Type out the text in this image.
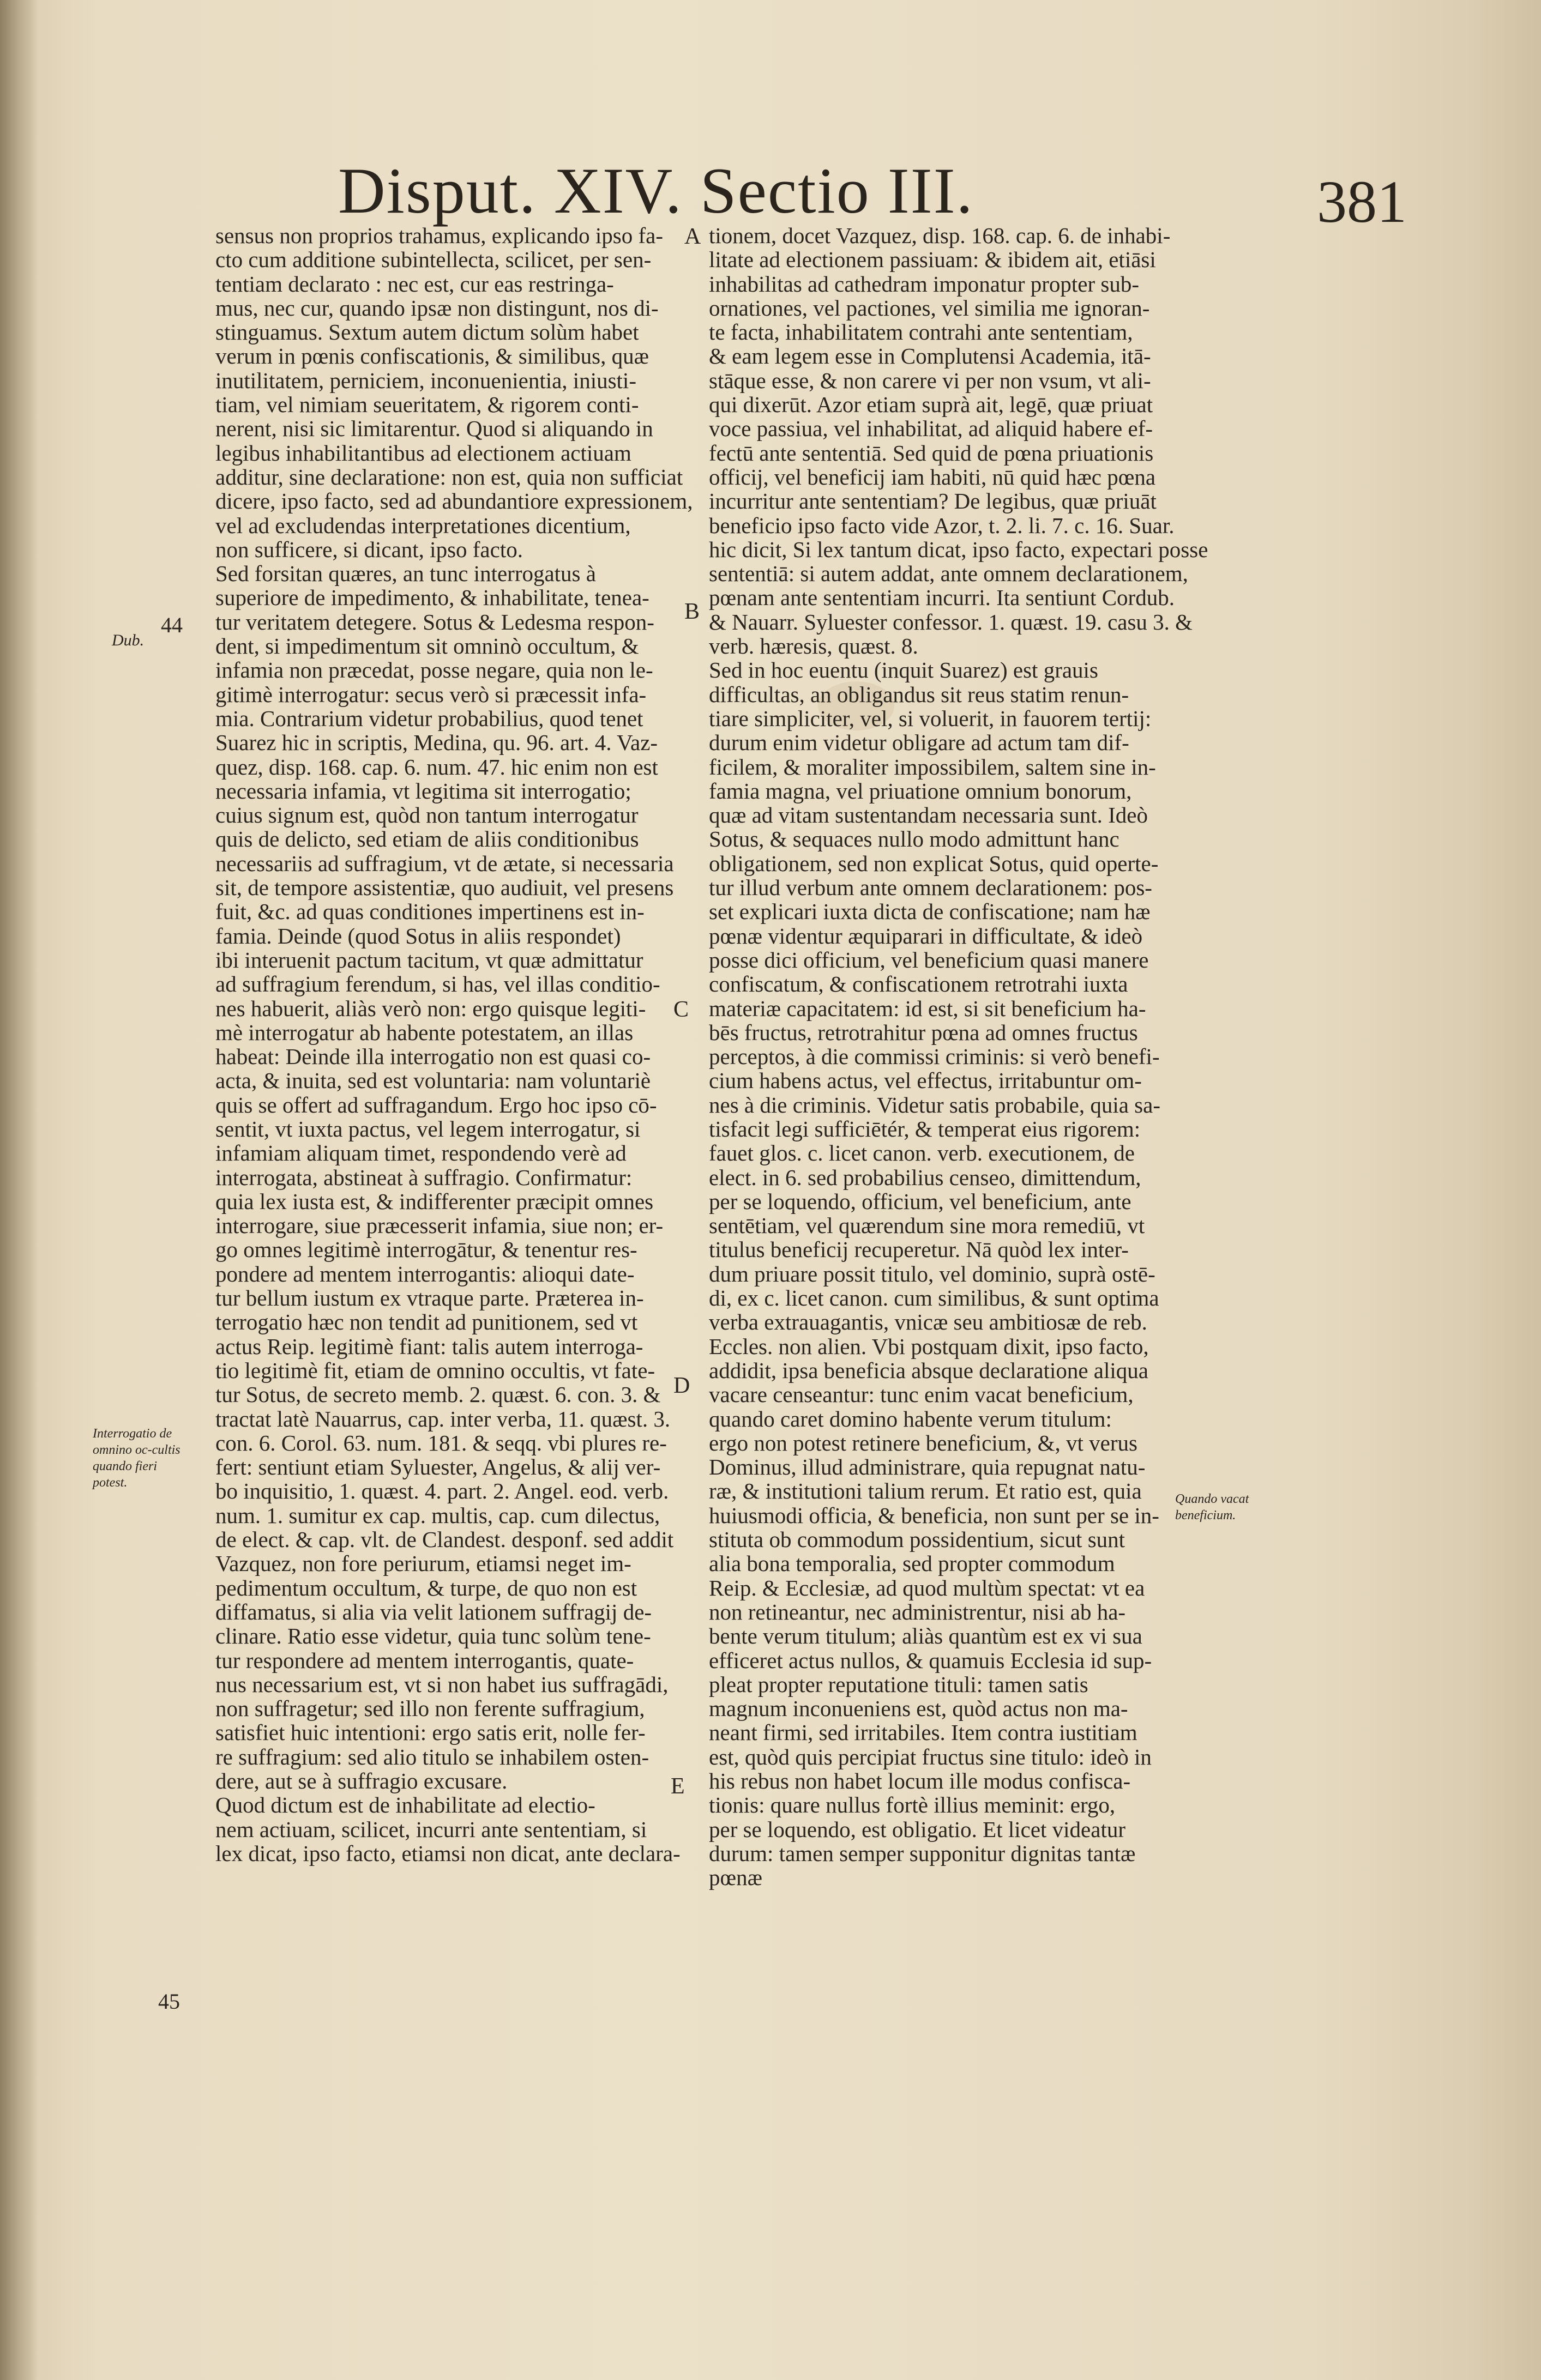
Disput. XIV. Sectio III.	381
sensus non proprios trahamus, explicando ipso fa-
cto cum additione subintellecta, scilicet, per sen-
tentiam declarato : nec est, cur eas restringa-
mus, nec cur, quando ipsæ non distingunt, nos di-
stinguamus. Sextum autem dictum solùm habet
verum in pœnis confiscationis, & similibus, quæ
inutilitatem, perniciem, inconuenientia, iniusti-
tiam, vel nimiam seueritatem, & rigorem conti-
nerent, nisi sic limitarentur. Quod si aliquando in
legibus inhabilitantibus ad electionem actiuam
additur, sine declaratione: non est, quia non sufficiat
dicere, ipso facto, sed ad abundantiore expressionem,
vel ad excludendas interpretationes dicentium,
non sufficere, si dicant, ipso facto.
Sed forsitan quæres, an tunc interrogatus à
superiore de impedimento, & inhabilitate, tenea-
tur veritatem detegere. Sotus & Ledesma respon-
dent, si impedimentum sit omninò occultum, &
infamia non præcedat, posse negare, quia non le-
gitimè interrogatur: secus verò si præcessit infa-
mia. Contrarium videtur probabilius, quod tenet
Suarez hic in scriptis, Medina, qu. 96. art. 4. Vaz-
quez, disp. 168. cap. 6. num. 47. hic enim non est
necessaria infamia, vt legitima sit interrogatio;
cuius signum est, quòd non tantum interrogatur
quis de delicto, sed etiam de aliis conditionibus
necessariis ad suffragium, vt de ætate, si necessaria
sit, de tempore assistentiæ, quo audiuit, vel presens
fuit, &c. ad quas conditiones impertinens est in-
famia. Deinde (quod Sotus in aliis respondet)
ibi interuenit pactum tacitum, vt quæ admittatur
ad suffragium ferendum, si has, vel illas conditio-
nes habuerit, aliàs verò non: ergo quisque legiti-
mè interrogatur ab habente potestatem, an illas
habeat: Deinde illa interrogatio non est quasi co-
acta, & inuita, sed est voluntaria: nam voluntariè
quis se offert ad suffragandum. Ergo hoc ipso cō-
sentit, vt iuxta pactus, vel legem interrogatur, si
infamiam aliquam timet, respondendo verè ad
interrogata, abstineat à suffragio. Confirmatur:
quia lex iusta est, & indifferenter præcipit omnes
interrogare, siue præcesserit infamia, siue non; er-
go omnes legitimè interrogātur, & tenentur res-
pondere ad mentem interrogantis: alioqui date-
tur bellum iustum ex vtraque parte. Præterea in-
terrogatio hæc non tendit ad punitionem, sed vt
actus Reip. legitimè fiant: talis autem interroga-
tio legitimè fit, etiam de omnino occultis, vt fate-
tur Sotus, de secreto memb. 2. quæst. 6. con. 3. &
tractat latè Nauarrus, cap. inter verba, 11. quæst. 3.
con. 6. Corol. 63. num. 181. & seqq. vbi plures re-
fert: sentiunt etiam Syluester, Angelus, & alij ver-
bo inquisitio, 1. quæst. 4. part. 2. Angel. eod. verb.
num. 1. sumitur ex cap. multis, cap. cum dilectus,
de elect. & cap. vlt. de Clandest. desponf. sed addit
Vazquez, non fore periurum, etiamsi neget im-
pedimentum occultum, & turpe, de quo non est
diffamatus, si alia via velit lationem suffragij de-
clinare. Ratio esse videtur, quia tunc solùm tene-
tur respondere ad mentem interrogantis, quate-
nus necessarium est, vt si non habet ius suffragādi,
non suffragetur; sed illo non ferente suffragium,
satisfiet huic intentioni: ergo satis erit, nolle fer-
re suffragium: sed alio titulo se inhabilem osten-
dere, aut se à suffragio excusare.
Quod dictum est de inhabilitate ad electio-
nem actiuam, scilicet, incurri ante sententiam, si
lex dicat, ipso facto, etiamsi non dicat, ante declara-
tionem, docet Vazquez, disp. 168. cap. 6. de inhabi-
litate ad electionem passiuam: & ibidem ait, etiāsi
inhabilitas ad cathedram imponatur propter sub-
ornationes, vel pactiones, vel similia me ignoran-
te facta, inhabilitatem contrahi ante sententiam,
& eam legem esse in Complutensi Academia, itā-
stāque esse, & non carere vi per non vsum, vt ali-
qui dixerūt. Azor etiam suprà ait, legē, quæ priuat
voce passiua, vel inhabilitat, ad aliquid habere ef-
fectū ante sententiā. Sed quid de pœna priuationis
officij, vel beneficij iam habiti, nū quid hæc pœna
incurritur ante sententiam? De legibus, quæ priuāt
beneficio ipso facto vide Azor, t. 2. li. 7. c. 16. Suar.
hic dicit, Si lex tantum dicat, ipso facto, expectari posse
sententiā: si autem addat, ante omnem declarationem,
pœnam ante sententiam incurri. Ita sentiunt Cordub.
& Nauarr. Syluester confessor. 1. quæst. 19. casu 3. &
verb. hæresis, quæst. 8.
Sed in hoc euentu (inquit Suarez) est grauis
difficultas, an obligandus sit reus statim renun-
tiare simpliciter, vel, si voluerit, in fauorem tertij:
durum enim videtur obligare ad actum tam dif-
ficilem, & moraliter impossibilem, saltem sine in-
famia magna, vel priuatione omnium bonorum,
quæ ad vitam sustentandam necessaria sunt. Ideò
Sotus, & sequaces nullo modo admittunt hanc
obligationem, sed non explicat Sotus, quid operte-
tur illud verbum ante omnem declarationem: pos-
set explicari iuxta dicta de confiscatione; nam hæ
pœnæ videntur æquiparari in difficultate, & ideò
posse dici officium, vel beneficium quasi manere
confiscatum, & confiscationem retrotrahi iuxta
materiæ capacitatem: id est, si sit beneficium ha-
bēs fructus, retrotrahitur pœna ad omnes fructus
perceptos, à die commissi criminis: si verò benefi-
cium habens actus, vel effectus, irritabuntur om-
nes à die criminis. Videtur satis probabile, quia sa-
tisfacit legi sufficiētér, & temperat eius rigorem:
fauet glos. c. licet canon. verb. executionem, de
elect. in 6. sed probabilius censeo, dimittendum,
per se loquendo, officium, vel beneficium, ante
sentētiam, vel quærendum sine mora remediū, vt
titulus beneficij recuperetur. Nā quòd lex inter-
dum priuare possit titulo, vel dominio, suprà ostē-
di, ex c. licet canon. cum similibus, & sunt optima
verba extrauagantis, vnicæ seu ambitiosæ de reb.
Eccles. non alien. Vbi postquam dixit, ipso facto,
addidit, ipsa beneficia absque declaratione aliqua
vacare censeantur: tunc enim vacat beneficium,
quando caret domino habente verum titulum:
ergo non potest retinere beneficium, &, vt verus
Dominus, illud administrare, quia repugnat natu-
ræ, & institutioni talium rerum. Et ratio est, quia
huiusmodi officia, & beneficia, non sunt per se in-
stituta ob commodum possidentium, sicut sunt
alia bona temporalia, sed propter commodum
Reip. & Ecclesiæ, ad quod multùm spectat: vt ea
non retineantur, nec administrentur, nisi ab ha-
bente verum titulum; aliàs quantùm est ex vi sua
efficeret actus nullos, & quamuis Ecclesia id sup-
pleat propter reputatione tituli: tamen satis
magnum inconueniens est, quòd actus non ma-
neant firmi, sed irritabiles. Item contra iustitiam
est, quòd quis percipiat fructus sine titulo: ideò in
his rebus non habet locum ille modus confisca-
tionis: quare nullus fortè illius meminit: ergo,
per se loquendo, est obligatio. Et licet videatur
durum: tamen semper supponitur dignitas tantæ
pœnæ
A
B
C
D
E
44
45
Dub.
Interrogatio de omnino oc-cultis quando fieri potest.
Quando vacat beneficium.
